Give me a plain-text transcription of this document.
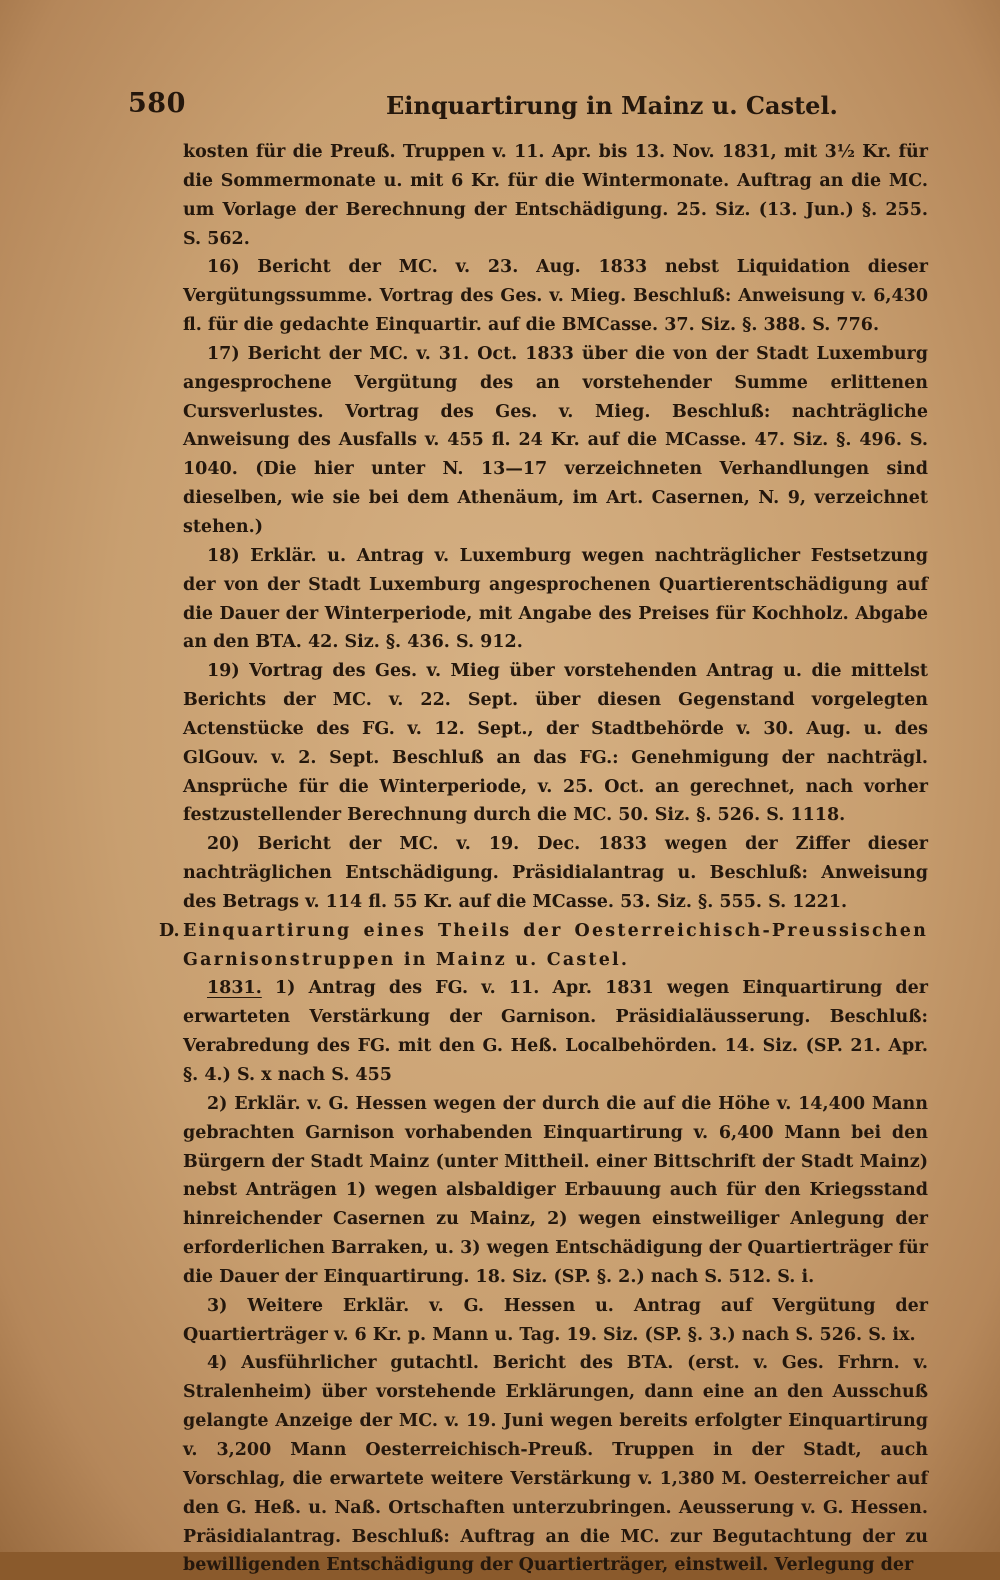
580	Einquartirung in Mainz u. Castel.

kosten für die Preuß. Truppen v. 11. Apr. bis 13. Nov. 1831, mit 3½ Kr. für die Sommermonate u. mit 6 Kr. für die Wintermonate. Auftrag an die MC. um Vorlage der Berechnung der Entschädigung. 25. Siz. (13. Jun.) §. 255. S. 562.

16) Bericht der MC. v. 23. Aug. 1833 nebst Liquidation dieser Vergütungssumme. Vortrag des Ges. v. Mieg. Beschluß: Anweisung v. 6,430 fl. für die gedachte Einquartir. auf die BMCasse. 37. Siz. §. 388. S. 776.

17) Bericht der MC. v. 31. Oct. 1833 über die von der Stadt Luxemburg angesprochene Vergütung des an vorstehender Summe erlittenen Cursverlustes. Vortrag des Ges. v. Mieg. Beschluß: nachträgliche Anweisung des Ausfalls v. 455 fl. 24 Kr. auf die MCasse. 47. Siz. §. 496. S. 1040. (Die hier unter N. 13—17 verzeichneten Verhandlungen sind dieselben, wie sie bei dem Athenäum, im Art. Casernen, N. 9, verzeichnet stehen.)

18) Erklär. u. Antrag v. Luxemburg wegen nachträglicher Festsetzung der von der Stadt Luxemburg angesprochenen Quartierentschädigung auf die Dauer der Winterperiode, mit Angabe des Preises für Kochholz. Abgabe an den BTA. 42. Siz. §. 436. S. 912.

19) Vortrag des Ges. v. Mieg über vorstehenden Antrag u. die mittelst Berichts der MC. v. 22. Sept. über diesen Gegenstand vorgelegten Actenstücke des FG. v. 12. Sept., der Stadtbehörde v. 30. Aug. u. des GlGouv. v. 2. Sept. Beschluß an das FG.: Genehmigung der nachträgl. Ansprüche für die Winterperiode, v. 25. Oct. an gerechnet, nach vorher festzustellender Berechnung durch die MC. 50. Siz. §. 526. S. 1118.

20) Bericht der MC. v. 19. Dec. 1833 wegen der Ziffer dieser nachträglichen Entschädigung. Präsidialantrag u. Beschluß: Anweisung des Betrags v. 114 fl. 55 Kr. auf die MCasse. 53. Siz. §. 555. S. 1221.

D. Einquartirung eines Theils der Oesterreichisch-Preussischen Garnisonstruppen in Mainz u. Castel.

1831. 1) Antrag des FG. v. 11. Apr. 1831 wegen Einquartirung der erwarteten Verstärkung der Garnison. Präsidialäusserung. Beschluß: Verabredung des FG. mit den G. Heß. Localbehörden. 14. Siz. (SP. 21. Apr. §. 4.) S. x nach S. 455

2) Erklär. v. G. Hessen wegen der durch die auf die Höhe v. 14,400 Mann gebrachten Garnison vorhabenden Einquartirung v. 6,400 Mann bei den Bürgern der Stadt Mainz (unter Mittheil. einer Bittschrift der Stadt Mainz) nebst Anträgen 1) wegen alsbaldiger Erbauung auch für den Kriegsstand hinreichender Casernen zu Mainz, 2) wegen einstweiliger Anlegung der erforderlichen Barraken, u. 3) wegen Entschädigung der Quartierträger für die Dauer der Einquartirung. 18. Siz. (SP. §. 2.) nach S. 512. S. i.

3) Weitere Erklär. v. G. Hessen u. Antrag auf Vergütung der Quartierträger v. 6 Kr. p. Mann u. Tag. 19. Siz. (SP. §. 3.) nach S. 526. S. ix.

4) Ausführlicher gutachtl. Bericht des BTA. (erst. v. Ges. Frhrn. v. Stralenheim) über vorstehende Erklärungen, dann eine an den Ausschuß gelangte Anzeige der MC. v. 19. Juni wegen bereits erfolgter Einquartirung v. 3,200 Mann Oesterreichisch-Preuß. Truppen in der Stadt, auch Vorschlag, die erwartete weitere Verstärkung v. 1,380 M. Oesterreicher auf den G. Heß. u. Naß. Ortschaften unterzubringen. Aeusserung v. G. Hessen. Präsidialantrag. Beschluß: Auftrag an die MC. zur Begutachtung der zu bewilligenden Entschädigung der Quartierträger, einstweil. Verlegung der
